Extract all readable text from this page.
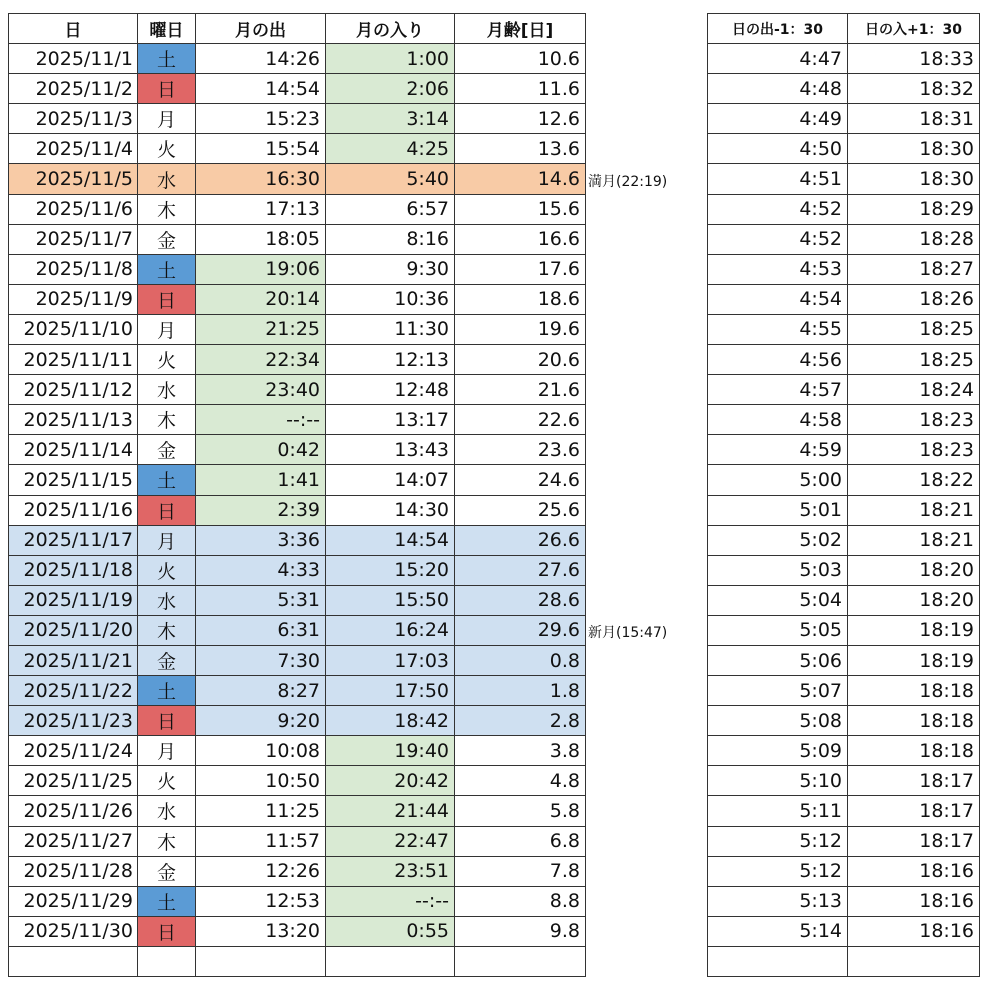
日	曜日	月の出	月の入り	月齢[日]
2025/11/1	土	14:26	1:00	10.6
2025/11/2	日	14:54	2:06	11.6
2025/11/3	月	15:23	3:14	12.6
2025/11/4	火	15:54	4:25	13.6
2025/11/5	水	16:30	5:40	14.6
2025/11/6	木	17:13	6:57	15.6
2025/11/7	金	18:05	8:16	16.6
2025/11/8	土	19:06	9:30	17.6
2025/11/9	日	20:14	10:36	18.6
2025/11/10	月	21:25	11:30	19.6
2025/11/11	火	22:34	12:13	20.6
2025/11/12	水	23:40	12:48	21.6
2025/11/13	木	--:--	13:17	22.6
2025/11/14	金	0:42	13:43	23.6
2025/11/15	土	1:41	14:07	24.6
2025/11/16	日	2:39	14:30	25.6
2025/11/17	月	3:36	14:54	26.6
2025/11/18	火	4:33	15:20	27.6
2025/11/19	水	5:31	15:50	28.6
2025/11/20	木	6:31	16:24	29.6
2025/11/21	金	7:30	17:03	0.8
2025/11/22	土	8:27	17:50	1.8
2025/11/23	日	9:20	18:42	2.8
2025/11/24	月	10:08	19:40	3.8
2025/11/25	火	10:50	20:42	4.8
2025/11/26	水	11:25	21:44	5.8
2025/11/27	木	11:57	22:47	6.8
2025/11/28	金	12:26	23:51	7.8
2025/11/29	土	12:53	--:--	8.8
2025/11/30	日	13:20	0:55	9.8

日の出-1：30	日の入+1：30
4:47	18:33
4:48	18:32
4:49	18:31
4:50	18:30
4:51	18:30
4:52	18:29
4:52	18:28
4:53	18:27
4:54	18:26
4:55	18:25
4:56	18:25
4:57	18:24
4:58	18:23
4:59	18:23
5:00	18:22
5:01	18:21
5:02	18:21
5:03	18:20
5:04	18:20
5:05	18:19
5:06	18:19
5:07	18:18
5:08	18:18
5:09	18:18
5:10	18:17
5:11	18:17
5:12	18:17
5:12	18:16
5:13	18:16
5:14	18:16

満月(22:19)
新月(15:47)
